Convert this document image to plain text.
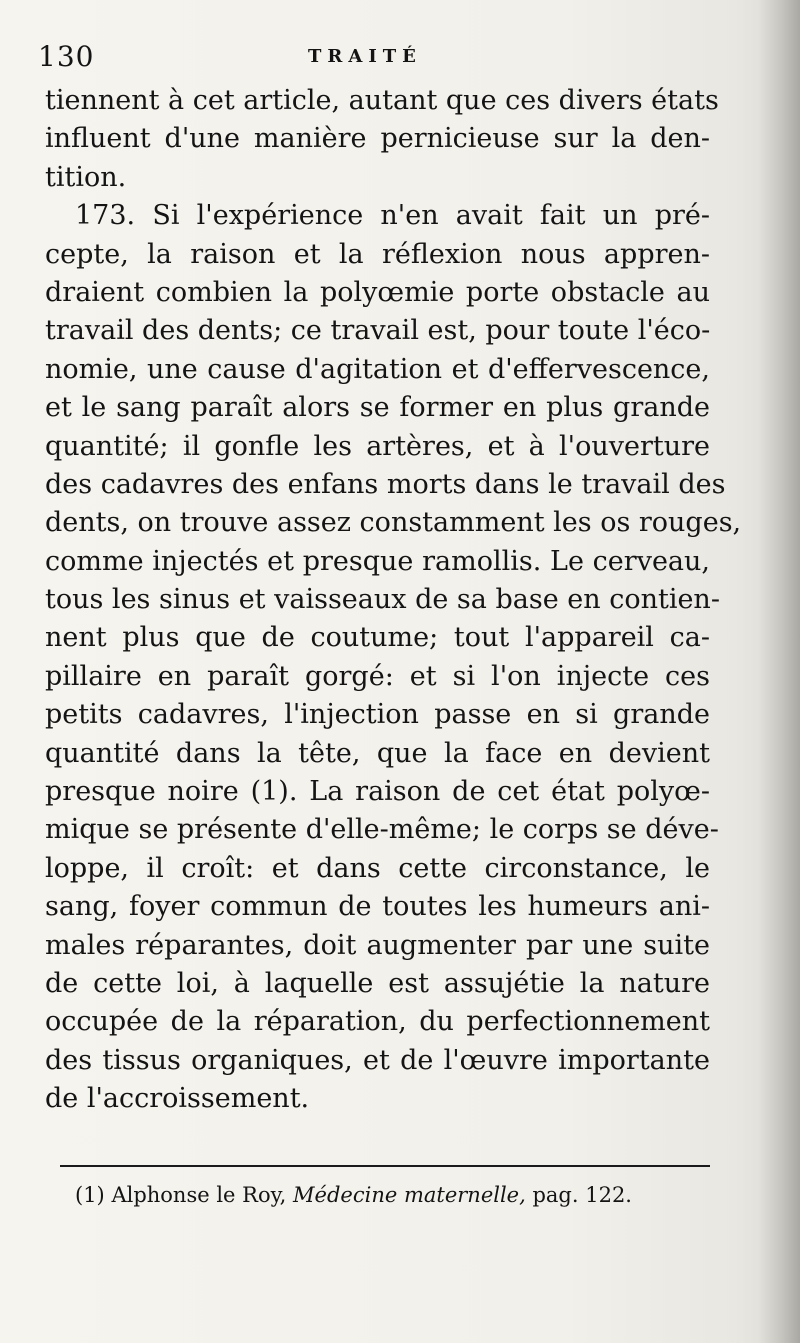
130	TRAITÉ
tiennent à cet article, autant que ces divers états
influent d'une manière pernicieuse sur la den-
tition.
173. Si l'expérience n'en avait fait un pré-
cepte, la raison et la réflexion nous appren-
draient combien la polyœmie porte obstacle au
travail des dents; ce travail est, pour toute l'éco-
nomie, une cause d'agitation et d'effervescence,
et le sang paraît alors se former en plus grande
quantité; il gonfle les artères, et à l'ouverture
des cadavres des enfans morts dans le travail des
dents, on trouve assez constamment les os rouges,
comme injectés et presque ramollis. Le cerveau,
tous les sinus et vaisseaux de sa base en contien-
nent plus que de coutume; tout l'appareil ca-
pillaire en paraît gorgé: et si l'on injecte ces
petits cadavres, l'injection passe en si grande
quantité dans la tête, que la face en devient
presque noire (1). La raison de cet état polyœ-
mique se présente d'elle-même; le corps se déve-
loppe, il croît: et dans cette circonstance, le
sang, foyer commun de toutes les humeurs ani-
males réparantes, doit augmenter par une suite
de cette loi, à laquelle est assujétie la nature
occupée de la réparation, du perfectionnement
des tissus organiques, et de l'œuvre importante
de l'accroissement.
(1) Alphonse le Roy, Médecine maternelle, pag. 122.
